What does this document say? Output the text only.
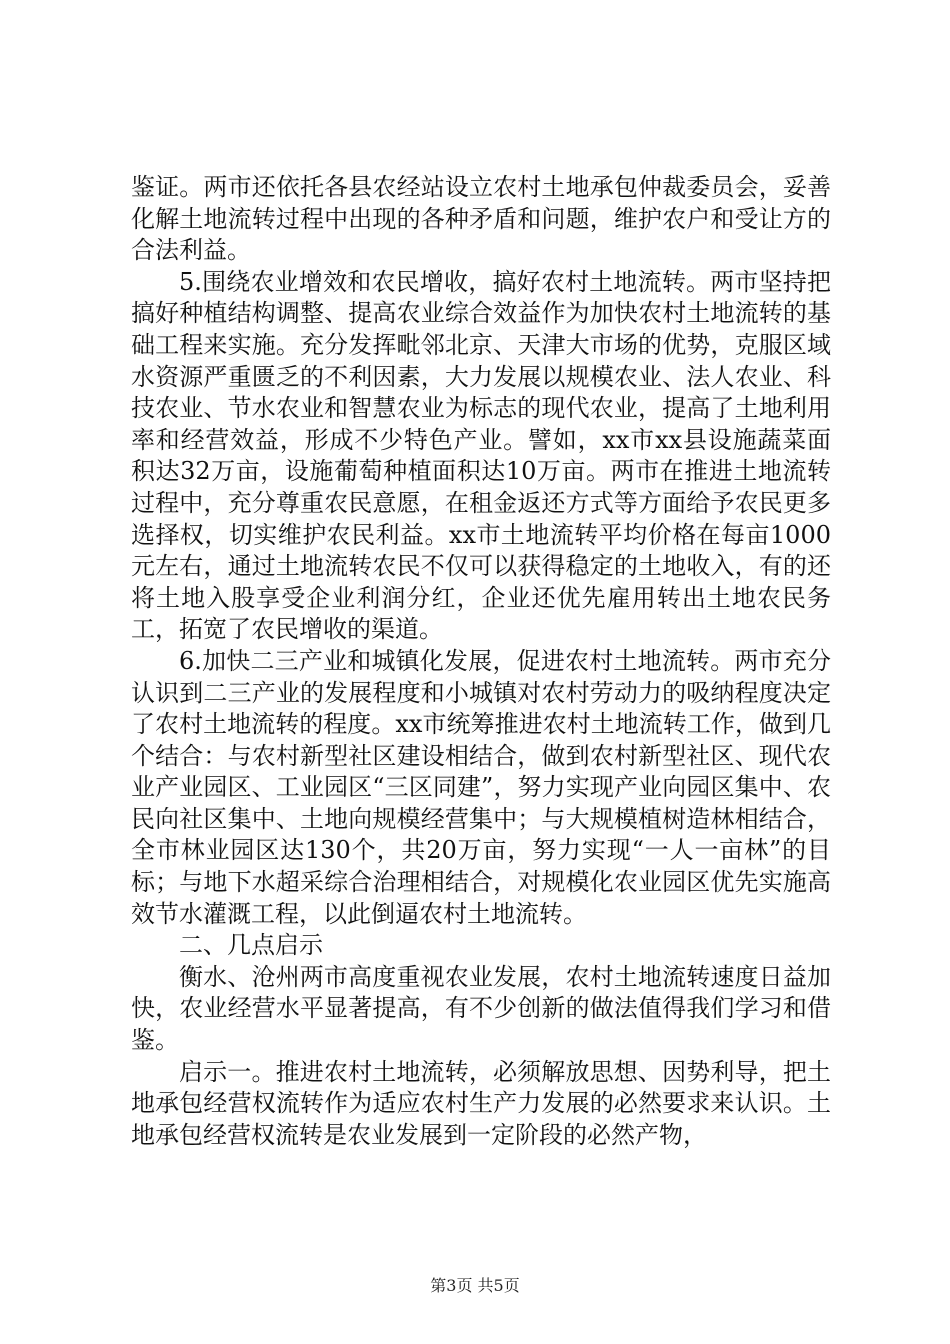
鉴证。两市还依托各县农经站设立农村土地承包仲裁委员会，妥善化解土地流转过程中出现的各种矛盾和问题，维护农户和受让方的合法利益。

5.围绕农业增效和农民增收，搞好农村土地流转。两市坚持把搞好种植结构调整、提高农业综合效益作为加快农村土地流转的基础工程来实施。充分发挥毗邻北京、天津大市场的优势，克服区域水资源严重匮乏的不利因素，大力发展以规模农业、法人农业、科技农业、节水农业和智慧农业为标志的现代农业，提高了土地利用率和经营效益，形成不少特色产业。譬如，xx市xx县设施蔬菜面积达32万亩，设施葡萄种植面积达10万亩。两市在推进土地流转过程中，充分尊重农民意愿，在租金返还方式等方面给予农民更多选择权，切实维护农民利益。xx市土地流转平均价格在每亩1000元左右，通过土地流转农民不仅可以获得稳定的土地收入，有的还将土地入股享受企业利润分红，企业还优先雇用转出土地农民务工，拓宽了农民增收的渠道。

6.加快二三产业和城镇化发展，促进农村土地流转。两市充分认识到二三产业的发展程度和小城镇对农村劳动力的吸纳程度决定了农村土地流转的程度。xx市统筹推进农村土地流转工作，做到几个结合：与农村新型社区建设相结合，做到农村新型社区、现代农业产业园区、工业园区“三区同建”，努力实现产业向园区集中、农民向社区集中、土地向规模经营集中；与大规模植树造林相结合，全市林业园区达130个，共20万亩，努力实现“一人一亩林”的目标；与地下水超采综合治理相结合，对规模化农业园区优先实施高效节水灌溉工程，以此倒逼农村土地流转。

二、几点启示

衡水、沧州两市高度重视农业发展，农村土地流转速度日益加快，农业经营水平显著提高，有不少创新的做法值得我们学习和借鉴。

启示一。推进农村土地流转，必须解放思想、因势利导，把土地承包经营权流转作为适应农村生产力发展的必然要求来认识。土地承包经营权流转是农业发展到一定阶段的必然产物，

第3页 共5页
